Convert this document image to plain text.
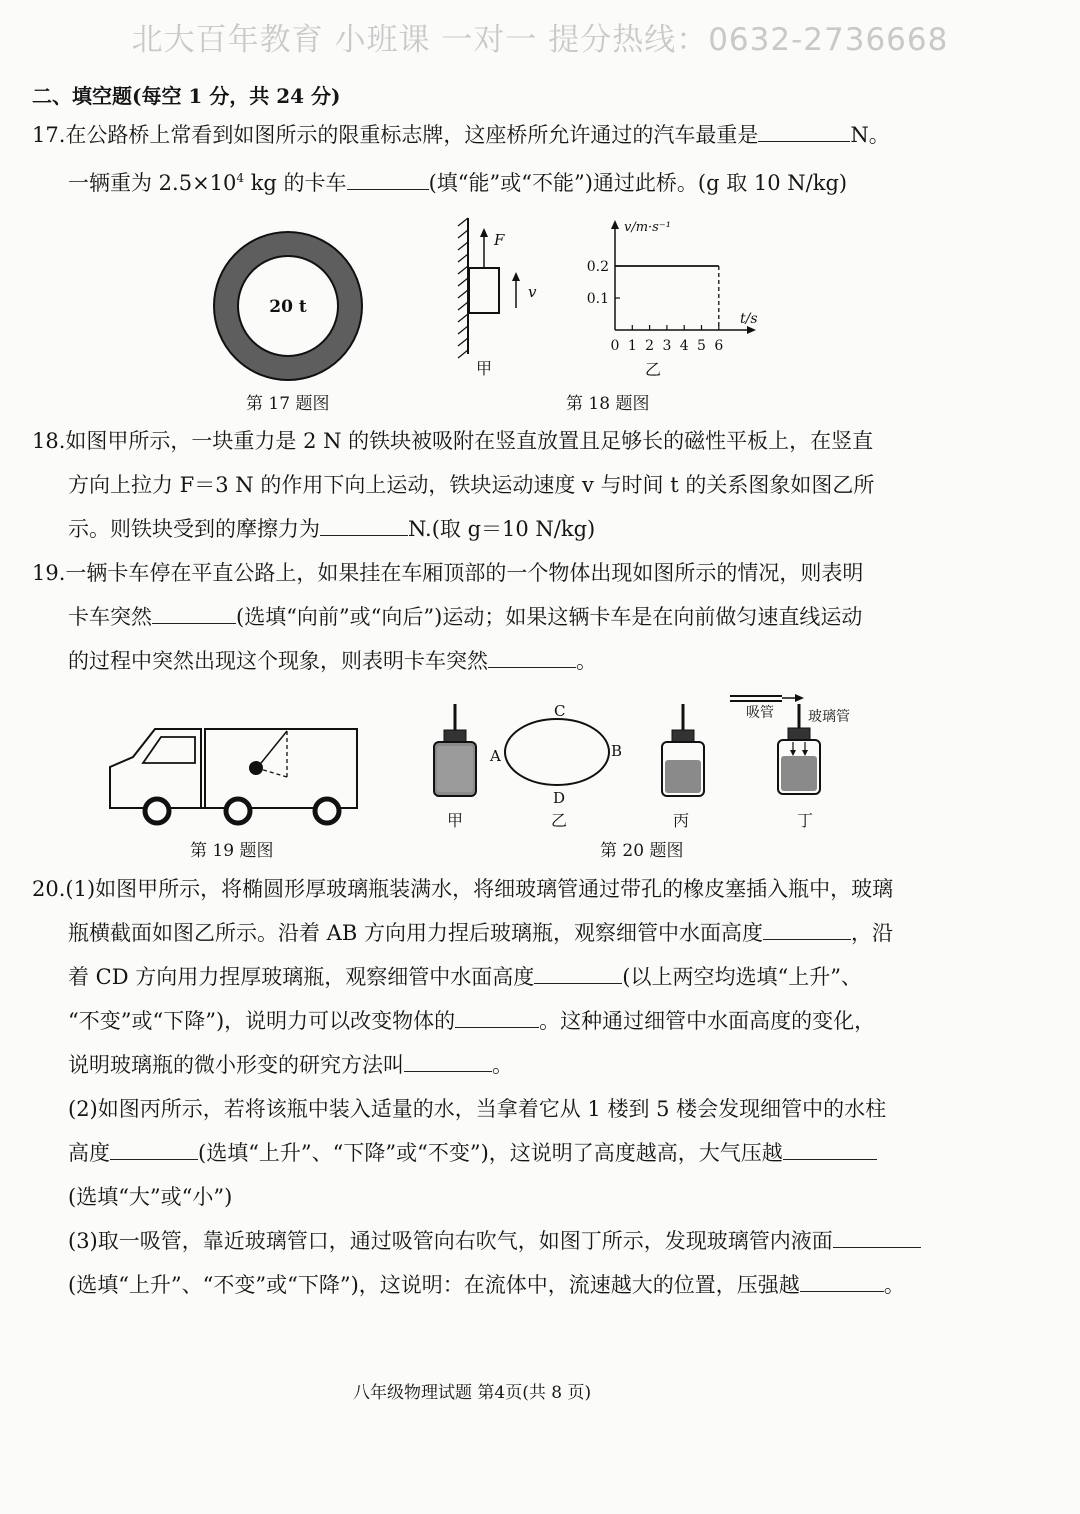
北大百年教育 小班课 一对一 提分热线：0632-2736668
二、填空题(每空 1 分，共 24 分)
17.在公路桥上常看到如图所示的限重标志牌，这座桥所允许通过的汽车最重是	N。
一辆重为 $2.5\times 10^4$ kg 的卡车	(填“能”或“不能”)通过此桥。(g 取 10 N/kg)
20 t
第 17 题图
F
v
甲
v/m·s⁻¹
t/s
0 1 2 3 4 5 6
0.2
0.1
乙
第 18 题图
18.如图甲所示，一块重力是 2 N 的铁块被吸附在竖直放置且足够长的磁性平板上，在竖直
方向上拉力 F＝3 N 的作用下向上运动，铁块运动速度 v 与时间 t 的关系图象如图乙所
示。则铁块受到的摩擦力为	N.(取 g＝10 N/kg)
19.一辆卡车停在平直公路上，如果挂在车厢顶部的一个物体出现如图所示的情况，则表明
卡车突然	(选填“向前”或“向后”)运动；如果这辆卡车是在向前做匀速直线运动
的过程中突然出现这个现象，则表明卡车突然	。
第 19 题图
甲
C
A	B
D
乙	丙
吸管 玻璃管
丁
第 20 题图
20.(1)如图甲所示，将椭圆形厚玻璃瓶装满水，将细玻璃管通过带孔的橡皮塞插入瓶中，玻璃
瓶横截面如图乙所示。沿着 AB 方向用力捏后玻璃瓶，观察细管中水面高度	，沿
着 CD 方向用力捏厚玻璃瓶，观察细管中水面高度	(以上两空均选填“上升”、
“不变”或“下降”)，说明力可以改变物体的	。这种通过细管中水面高度的变化，
说明玻璃瓶的微小形变的研究方法叫	。
(2)如图丙所示，若将该瓶中装入适量的水，当拿着它从 1 楼到 5 楼会发现细管中的水柱
高度	(选填“上升”、“下降”或“不变”)，这说明了高度越高，大气压越
(选填“大”或“小”)
(3)取一吸管，靠近玻璃管口，通过吸管向右吹气，如图丁所示，发现玻璃管内液面
(选填“上升”、“不变”或“下降”)，这说明：在流体中，流速越大的位置，压强越	。
八年级物理试题 第4页(共 8 页)
